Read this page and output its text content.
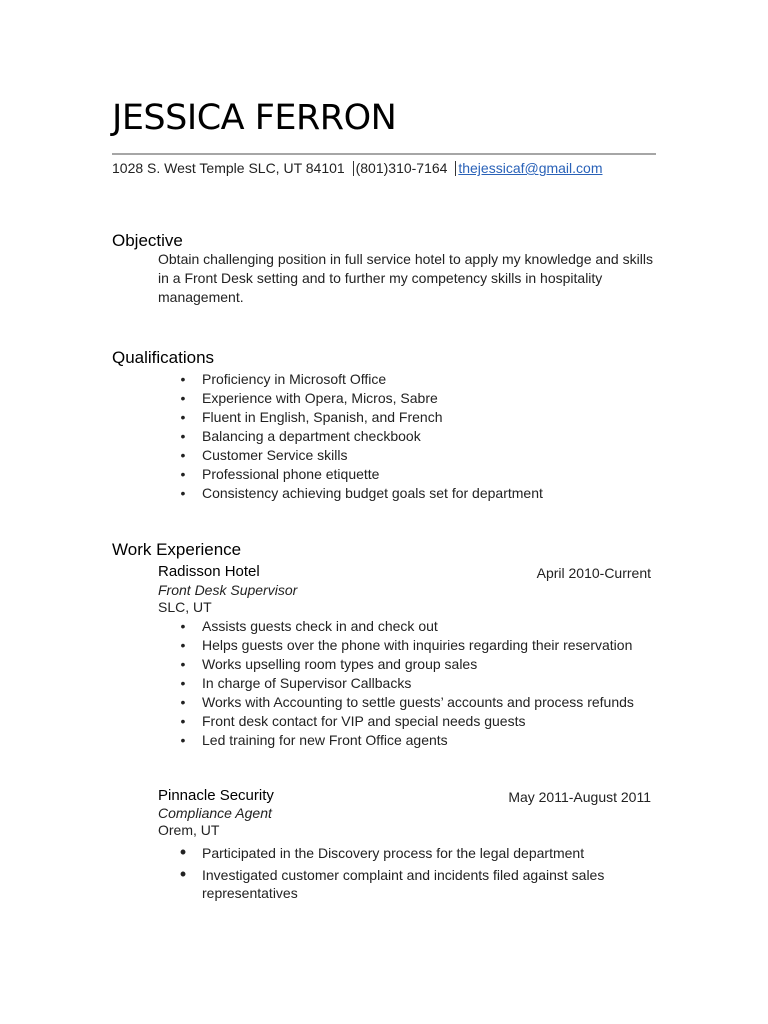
JESSICA FERRON
1028 S. West Temple SLC, UT 84101 (801)310-7164 thejessicaf@gmail.com
Objective
Obtain challenging position in full service hotel to apply my knowledge and skills in a Front Desk setting and to further my competency skills in hospitality management.
Qualifications
• Proficiency in Microsoft Office
• Experience with Opera, Micros, Sabre
• Fluent in English, Spanish, and French
• Balancing a department checkbook
• Customer Service skills
• Professional phone etiquette
• Consistency achieving budget goals set for department
Work Experience
Radisson Hotel	April 2010-Current
Front Desk Supervisor
SLC, UT
• Assists guests check in and check out
• Helps guests over the phone with inquiries regarding their reservation
• Works upselling room types and group sales
• In charge of Supervisor Callbacks
• Works with Accounting to settle guests’ accounts and process refunds
• Front desk contact for VIP and special needs guests
• Led training for new Front Office agents
Pinnacle Security	May 2011-August 2011
Compliance Agent
Orem, UT
• Participated in the Discovery process for the legal department
• Investigated customer complaint and incidents filed against sales representatives
